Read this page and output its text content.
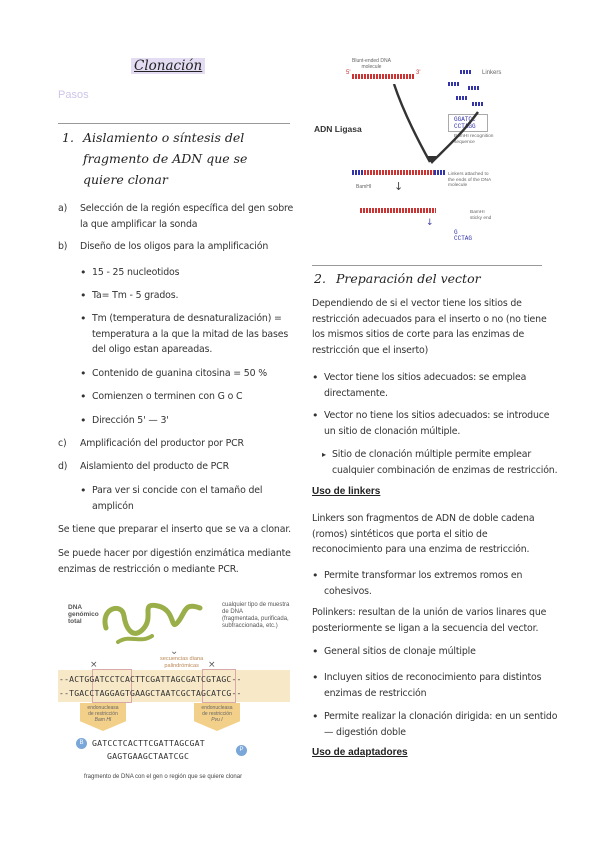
Clonación
Pasos
1. Aislamiento o síntesis del
fragmento de ADN que se
quiere clonar
a) Selección de la región específica del gen sobre
la que amplificar la sonda
b) Diseño de los oligos para la amplificación
• 15 - 25 nucleotidos
• Ta= Tm - 5 grados.
• Tm (temperatura de desnaturalización) =
temperatura a la que la mitad de las bases
del oligo estan apareadas.
• Contenido de guanina citosina = 50 %
• Comienzen o terminen con G o C
• Dirección 5' — 3'
c) Amplificación del productor por PCR
d) Aislamiento del producto de PCR
• Para ver si concide con el tamaño del
amplicón
Se tiene que preparar el inserto que se va a clonar.
Se puede hacer por digestión enzimática mediante
enzimas de restricción o mediante PCR.
DNA
genómico
total
cualquier tipo de muestra
de DNA
(fragmentada, purificada,
subfraccionada, etc.)
⌄
secuencias diana
palindrómicas
×	×
--ACTGGATCCTCACTTCGATTAGCGATCGTAGC--
--TGACCTAGGAGTGAAGCTAATCGCTAGCATCG--
endonucleasa
de restricción
Bam HI
endonucleasa
de restricción
Pvu I
B	GATCCTCACTTCGATTAGCGAT
GAGTGAAGCTAATCGC
P
fragmento de DNA con el gen o región que se quiere clonar
Blunt-ended DNA
molecule
5'	3'	Linkers
GGATCC
CCTAGG
BamHI recognition
sequence
ADN Ligasa
Linkers attached to
the ends of the DNA
molecule
BamHI ↓
BamHI
sticky end
↓
G
CCTAG
2. Preparación del vector
Dependiendo de si el vector tiene los sitios de
restricción adecuados para el inserto o no (no tiene
los mismos sitios de corte para las enzimas de
restricción que el inserto)
• Vector tiene los sitios adecuados: se emplea
directamente.
• Vector no tiene los sitios adecuados: se introduce
un sitio de clonación múltiple.
▸ Sitio de clonación múltiple permite emplear
cualquier combinación de enzimas de restricción.
Uso de linkers
Linkers son fragmentos de ADN de doble cadena
(romos) sintéticos que porta el sitio de
reconocimiento para una enzima de restricción.
• Permite transformar los extremos romos en
cohesivos.
Polinkers: resultan de la unión de varios linares que
posteriormente se ligan a la secuencia del vector.
• General sitios de clonaje múltiple
• Incluyen sitios de reconocimiento para distintos
enzimas de restricción
• Permite realizar la clonación dirigida: en un sentido
— digestión doble
Uso de adaptadores
